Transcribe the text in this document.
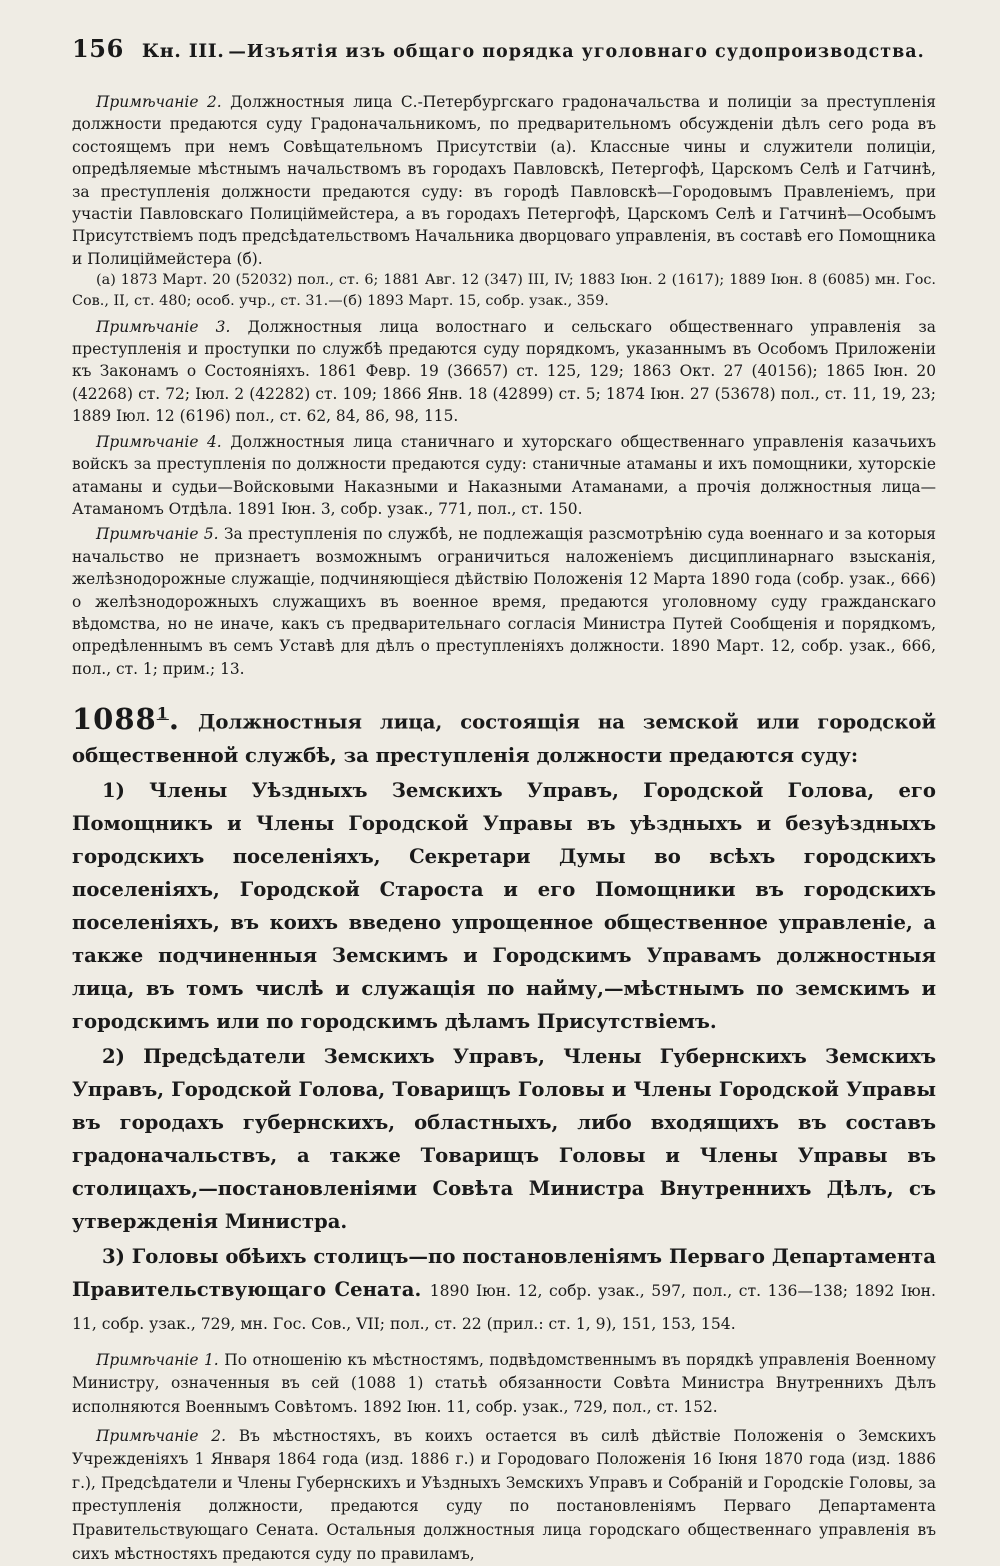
156 Кн. III. —Изъятія изъ общаго порядка уголовнаго судопроизводства.

Примѣчаніе 2. Должностныя лица С.-Петербургскаго градоначальства и полиціи за преступленія должности предаются суду Градоначальникомъ, по предварительномъ обсужденіи дѣлъ сего рода въ состоящемъ при немъ Совѣщательномъ Присутствіи (а). Классные чины и служители полиціи, опредѣляемые мѣстнымъ начальствомъ въ городахъ Павловскѣ, Петергофѣ, Царскомъ Селѣ и Гатчинѣ, за преступленія должности предаются суду: въ городѣ Павловскѣ—Городовымъ Правленіемъ, при участіи Павловскаго Полиціймейстера, а въ городахъ Петергофѣ, Царскомъ Селѣ и Гатчинѣ—Особымъ Присутствіемъ подъ предсѣдательствомъ Начальника дворцоваго управленія, въ составѣ его Помощника и Полиціймейстера (б).

(а) 1873 Март. 20 (52032) пол., ст. 6; 1881 Авг. 12 (347) III, IV; 1883 Іюн. 2 (1617); 1889 Іюн. 8 (6085) мн. Гос. Сов., II, ст. 480; особ. учр., ст. 31.—(б) 1893 Март. 15, собр. узак., 359.

Примѣчаніе 3. Должностныя лица волостнаго и сельскаго общественнаго управленія за преступленія и проступки по службѣ предаются суду порядкомъ, указаннымъ въ Особомъ Приложеніи къ Законамъ о Состояніяхъ. 1861 Февр. 19 (36657) ст. 125, 129; 1863 Окт. 27 (40156); 1865 Іюн. 20 (42268) ст. 72; Іюл. 2 (42282) ст. 109; 1866 Янв. 18 (42899) ст. 5; 1874 Іюн. 27 (53678) пол., ст. 11, 19, 23; 1889 Іюл. 12 (6196) пол., ст. 62, 84, 86, 98, 115.

Примѣчаніе 4. Должностныя лица станичнаго и хуторскаго общественнаго управленія казачьихъ войскъ за преступленія по должности предаются суду: станичные атаманы и ихъ помощники, хуторскіе атаманы и судьи—Войсковыми Наказными и Наказными Атаманами, а прочія должностныя лица—Атаманомъ Отдѣла. 1891 Іюн. 3, собр. узак., 771, пол., ст. 150.

Примѣчаніе 5. За преступленія по службѣ, не подлежащія разсмотрѣнію суда военнаго и за которыя начальство не признаетъ возможнымъ ограничиться наложеніемъ дисциплинарнаго взысканія, желѣзнодорожные служащіе, подчиняющіеся дѣйствію Положенія 12 Марта 1890 года (собр. узак., 666) о желѣзнодорожныхъ служащихъ въ военное время, предаются уголовному суду гражданскаго вѣдомства, но не иначе, какъ съ предварительнаго согласія Министра Путей Сообщенія и порядкомъ, опредѣленнымъ въ семъ Уставѣ для дѣлъ о преступленіяхъ должности. 1890 Март. 12, собр. узак., 666, пол., ст. 1; прим.; 13.

1088$^1$. Должностныя лица, состоящія на земской или городской общественной службѣ, за преступленія должности предаются суду:

1) Члены Уѣздныхъ Земскихъ Управъ, Городской Голова, его Помощникъ и Члены Городской Управы въ уѣздныхъ и безуѣздныхъ городскихъ поселеніяхъ, Секретари Думы во всѣхъ городскихъ поселеніяхъ, Городской Староста и его Помощники въ городскихъ поселеніяхъ, въ коихъ введено упрощенное общественное управленіе, а также подчиненныя Земскимъ и Городскимъ Управамъ должностныя лица, въ томъ числѣ и служащія по найму,—мѣстнымъ по земскимъ и городскимъ или по городскимъ дѣламъ Присутствіемъ.

2) Предсѣдатели Земскихъ Управъ, Члены Губернскихъ Земскихъ Управъ, Городской Голова, Товарищъ Головы и Члены Городской Управы въ городахъ губернскихъ, областныхъ, либо входящихъ въ составъ градоначальствъ, а также Товарищъ Головы и Члены Управы въ столицахъ,—постановленіями Совѣта Министра Внутреннихъ Дѣлъ, съ утвержденія Министра.

3) Головы обѣихъ столицъ—по постановленіямъ Перваго Департамента Правительствующаго Сената. 1890 Іюн. 12, собр. узак., 597, пол., ст. 136—138; 1892 Іюн. 11, собр. узак., 729, мн. Гос. Сов., VII; пол., ст. 22 (прил.: ст. 1, 9), 151, 153, 154.

Примѣчаніе 1. По отношенію къ мѣстностямъ, подвѣдомственнымъ въ порядкѣ управленія Военному Министру, означенныя въ сей (1088 1) статьѣ обязанности Совѣта Министра Внутреннихъ Дѣлъ исполняются Военнымъ Совѣтомъ. 1892 Іюн. 11, собр. узак., 729, пол., ст. 152.

Примѣчаніе 2. Въ мѣстностяхъ, въ коихъ остается въ силѣ дѣйствіе Положенія о Земскихъ Учрежденіяхъ 1 Января 1864 года (изд. 1886 г.) и Городоваго Положенія 16 Іюня 1870 года (изд. 1886 г.), Предсѣдатели и Члены Губернскихъ и Уѣздныхъ Земскихъ Управъ и Собраній и Городскіе Головы, за преступленія должности, предаются суду по постановленіямъ Перваго Департамента Правительствующаго Сената. Остальныя должностныя лица городскаго общественнаго управленія въ сихъ мѣстностяхъ предаются суду по правиламъ,
